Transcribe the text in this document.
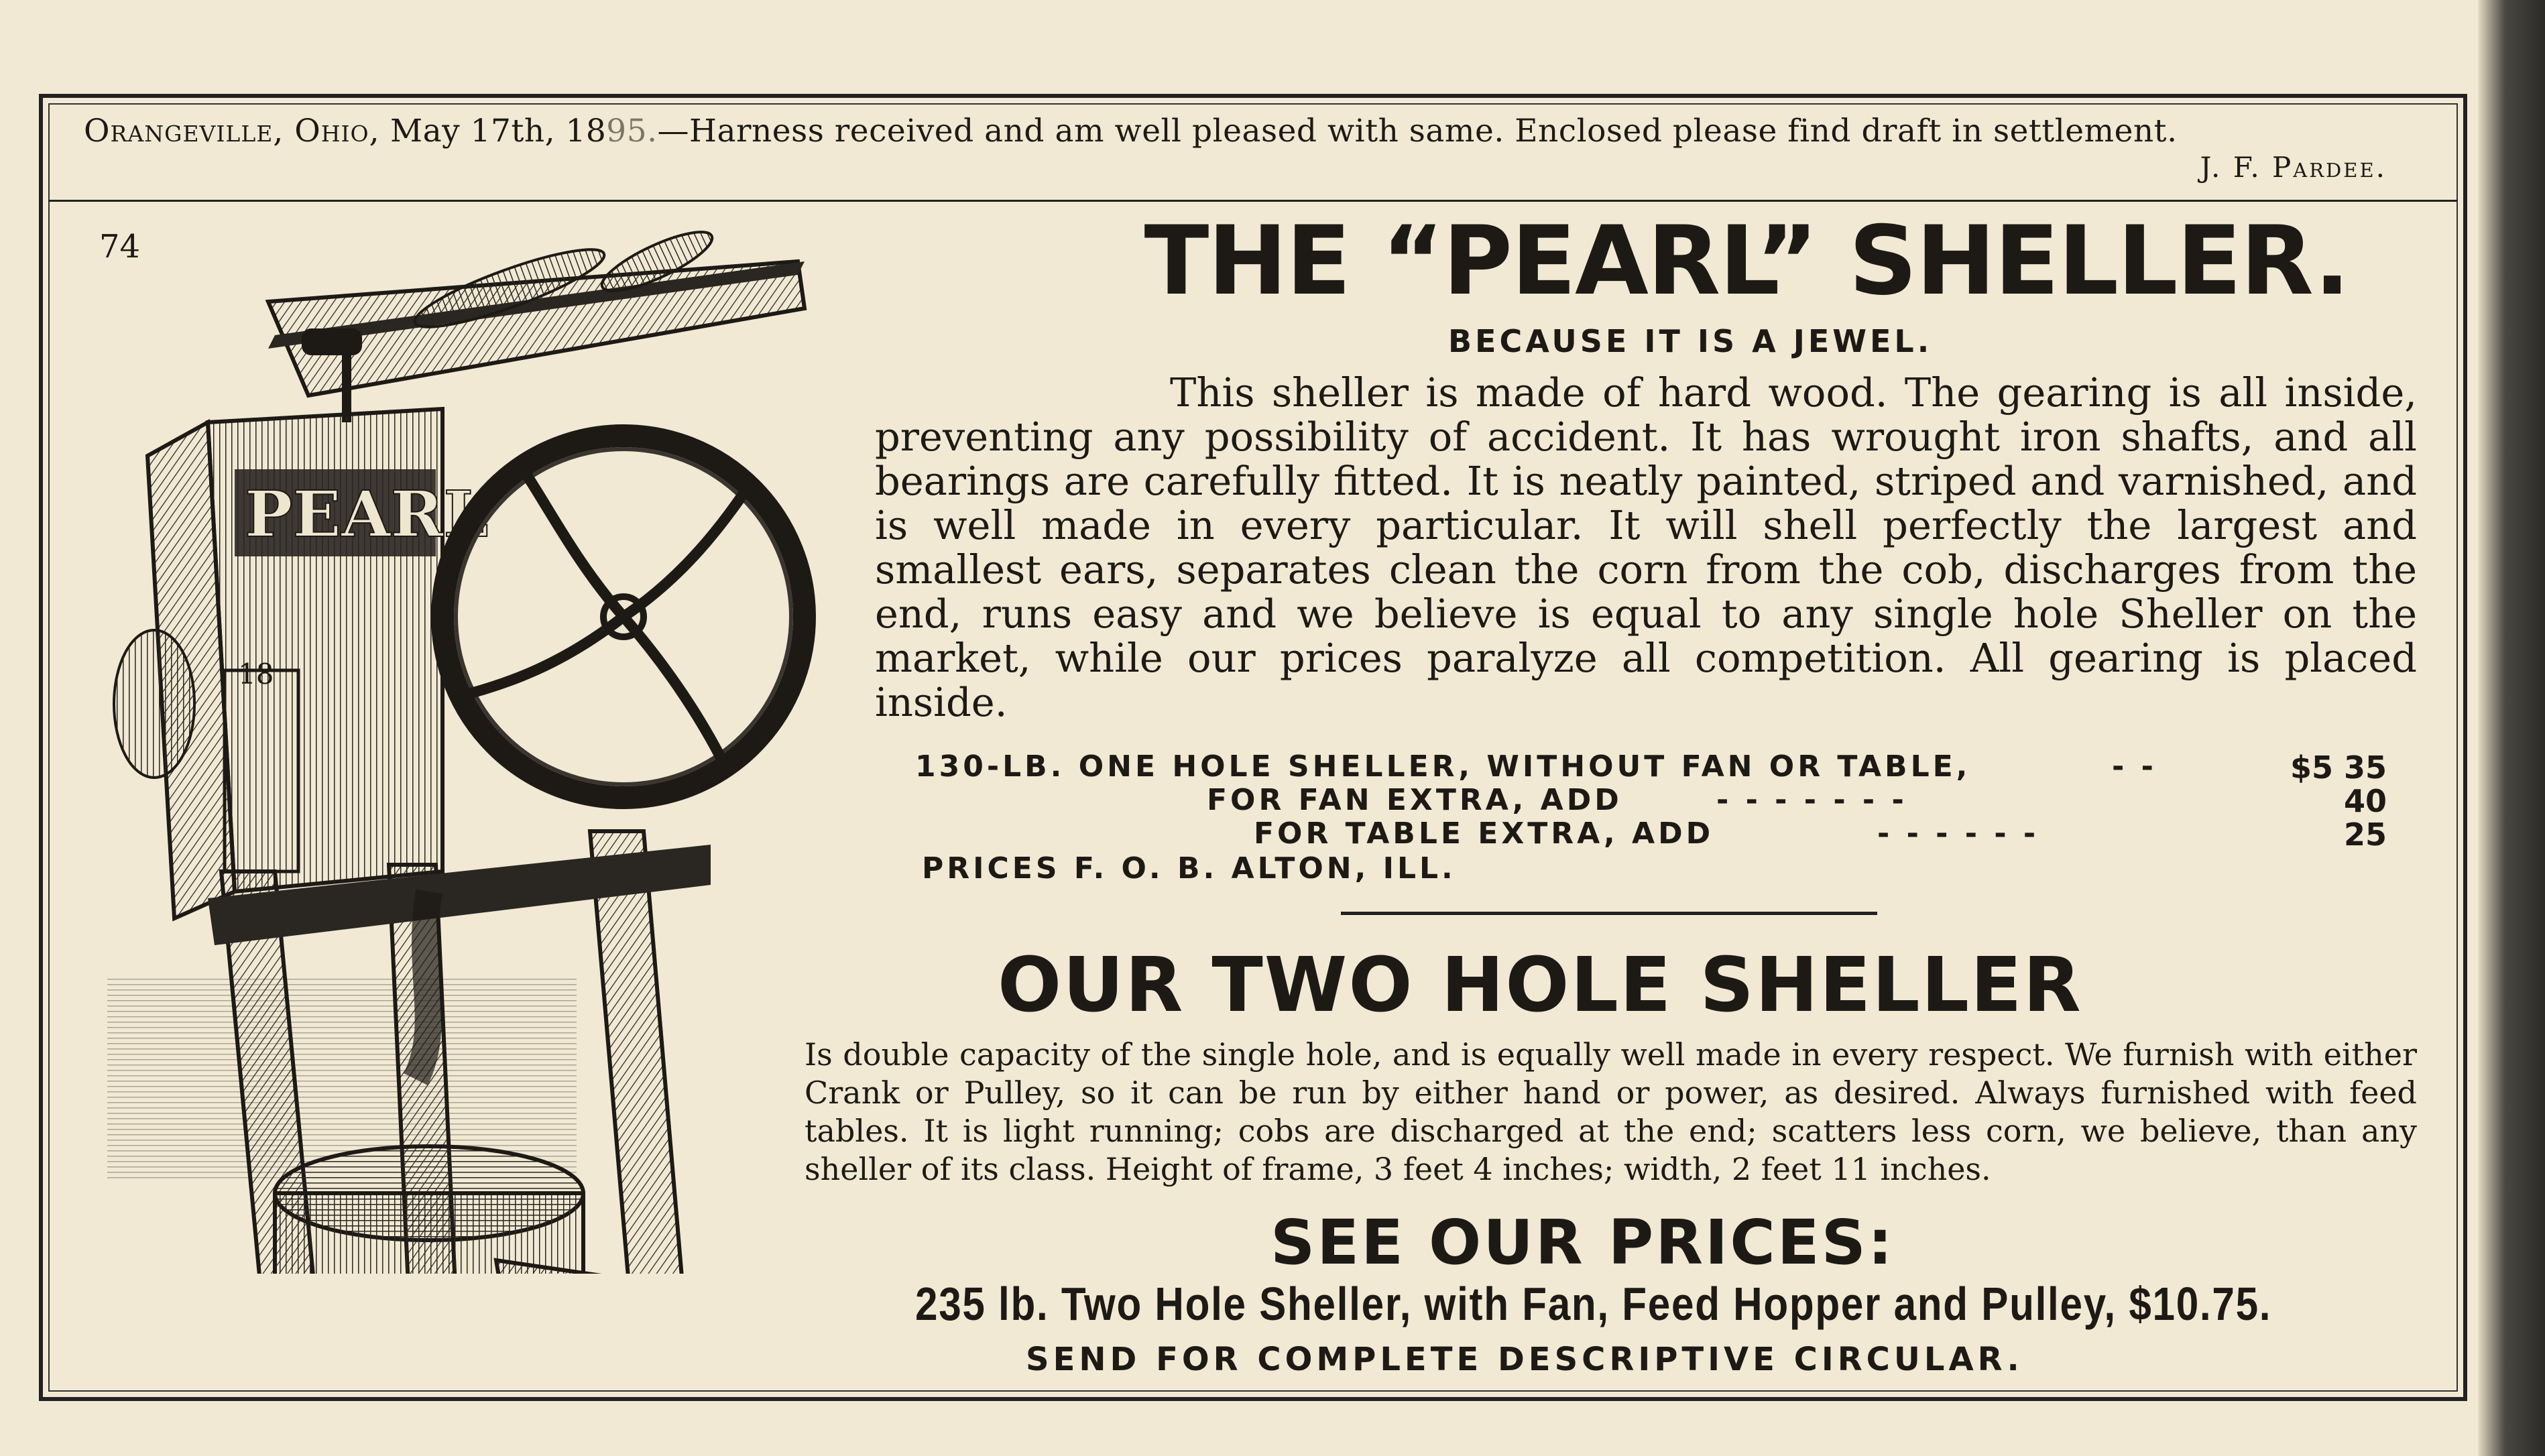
Orangeville, Ohio, May 17th, 1895.—Harness received and am well pleased with same. Enclosed please find draft in settlement.
J. F. Pardee.
74
PEARL
18
THE “PEARL” SHELLER.
BECAUSE IT IS A JEWEL.
This sheller is made of hard wood. The gearing is all inside, preventing any possibility of accident. It has wrought iron shafts, and all bearings are carefully fitted. It is neatly painted, striped and varnished, and is well made in every particular. It will shell perfectly the largest and smallest ears, separates clean the corn from the cob, discharges from the end, runs easy and we believe is equal to any single hole Sheller on the market, while our prices paralyze all competition. All gearing is placed inside.
130-LB. ONE HOLE SHELLER, WITHOUT FAN OR TABLE,	- -	$5 35
FOR FAN EXTRA, ADD	- - - - - - -	40
FOR TABLE EXTRA, ADD	- - - - - -	25
PRICES F. O. B. ALTON, ILL.
OUR TWO HOLE SHELLER
Is double capacity of the single hole, and is equally well made in every respect. We furnish with either Crank or Pulley, so it can be run by either hand or power, as desired. Always furnished with feed tables. It is light running; cobs are discharged at the end; scatters less corn, we believe, than any sheller of its class. Height of frame, 3 feet 4 inches; width, 2 feet 11 inches.
SEE OUR PRICES:
235 lb. Two Hole Sheller, with Fan, Feed Hopper and Pulley, $10.75.
SEND FOR COMPLETE DESCRIPTIVE CIRCULAR.
